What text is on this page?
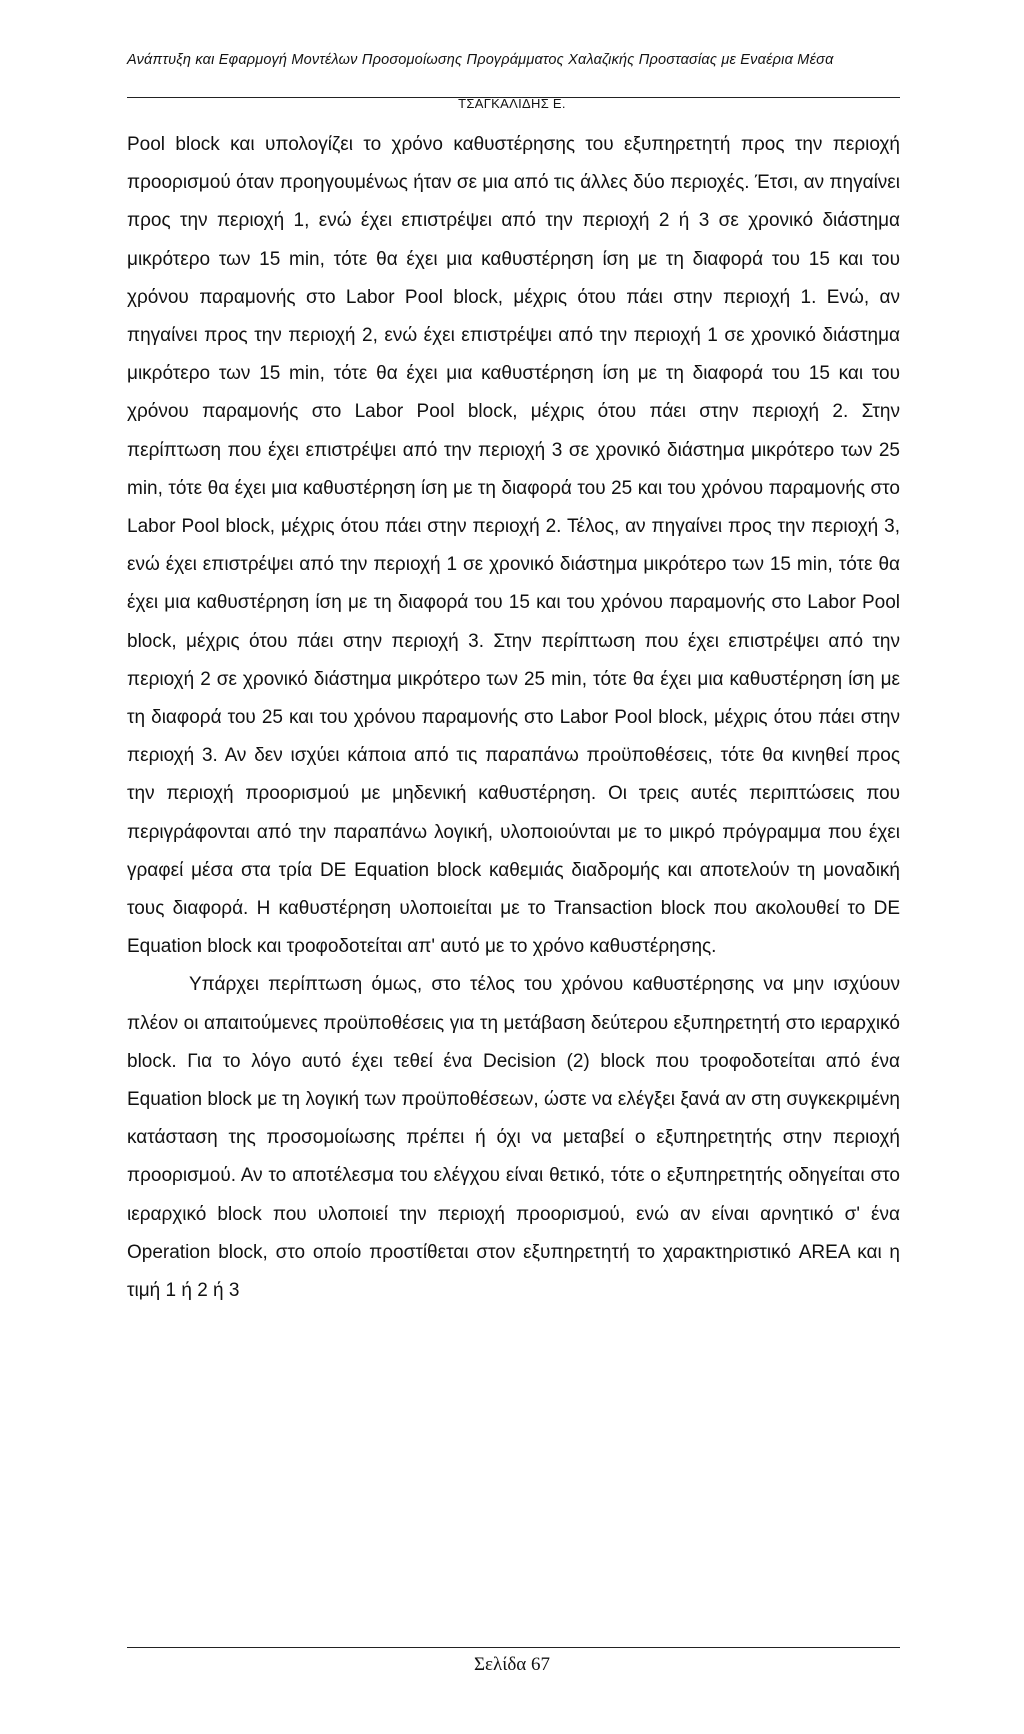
Ανάπτυξη και Εφαρμογή Μοντέλων Προσομοίωσης Προγράμματος Χαλαζικής Προστασίας με Εναέρια Μέσα
ΤΣΑΓΚΑΛΙΔΗΣ Ε.

Pool block και υπολογίζει το χρόνο καθυστέρησης του εξυπηρετητή προς την περιοχή προορισμού όταν προηγουμένως ήταν σε μια από τις άλλες δύο περιοχές. Έτσι, αν πηγαίνει προς την περιοχή 1, ενώ έχει επιστρέψει από την περιοχή 2 ή 3 σε χρονικό διάστημα μικρότερο των 15 min, τότε θα έχει μια καθυστέρηση ίση με τη διαφορά του 15 και του χρόνου παραμονής στο Labor Pool block, μέχρις ότου πάει στην περιοχή 1. Ενώ, αν πηγαίνει προς την περιοχή 2, ενώ έχει επιστρέψει από την περιοχή 1 σε χρονικό διάστημα μικρότερο των 15 min, τότε θα έχει μια καθυστέρηση ίση με τη διαφορά του 15 και του χρόνου παραμονής στο Labor Pool block, μέχρις ότου πάει στην περιοχή 2. Στην περίπτωση που έχει επιστρέψει από την περιοχή 3 σε χρονικό διάστημα μικρότερο των 25 min, τότε θα έχει μια καθυστέρηση ίση με τη διαφορά του 25 και του χρόνου παραμονής στο Labor Pool block, μέχρις ότου πάει στην περιοχή 2. Τέλος, αν πηγαίνει προς την περιοχή 3, ενώ έχει επιστρέψει από την περιοχή 1 σε χρονικό διάστημα μικρότερο των 15 min, τότε θα έχει μια καθυστέρηση ίση με τη διαφορά του 15 και του χρόνου παραμονής στο Labor Pool block, μέχρις ότου πάει στην περιοχή 3. Στην περίπτωση που έχει επιστρέψει από την περιοχή 2 σε χρονικό διάστημα μικρότερο των 25 min, τότε θα έχει μια καθυστέρηση ίση με τη διαφορά του 25 και του χρόνου παραμονής στο Labor Pool block, μέχρις ότου πάει στην περιοχή 3. Αν δεν ισχύει κάποια από τις παραπάνω προϋποθέσεις, τότε θα κινηθεί προς την περιοχή προορισμού με μηδενική καθυστέρηση. Οι τρεις αυτές περιπτώσεις που περιγράφονται από την παραπάνω λογική, υλοποιούνται με το μικρό πρόγραμμα που έχει γραφεί μέσα στα τρία DE Equation block καθεμιάς διαδρομής και αποτελούν τη μοναδική τους διαφορά. Η καθυστέρηση υλοποιείται με το Transaction block που ακολουθεί το DE Equation block και τροφοδοτείται απ' αυτό με το χρόνο καθυστέρησης.

Υπάρχει περίπτωση όμως, στο τέλος του χρόνου καθυστέρησης να μην ισχύουν πλέον οι απαιτούμενες προϋποθέσεις για τη μετάβαση δεύτερου εξυπηρετητή στο ιεραρχικό block. Για το λόγο αυτό έχει τεθεί ένα Decision (2) block που τροφοδοτείται από ένα Equation block με τη λογική των προϋποθέσεων, ώστε να ελέγξει ξανά αν στη συγκεκριμένη κατάσταση της προσομοίωσης πρέπει ή όχι να μεταβεί ο εξυπηρετητής στην περιοχή προορισμού. Αν το αποτέλεσμα του ελέγχου είναι θετικό, τότε ο εξυπηρετητής οδηγείται στο ιεραρχικό block που υλοποιεί την περιοχή προορισμού, ενώ αν είναι αρνητικό σ' ένα Operation block, στο οποίο προστίθεται στον εξυπηρετητή το χαρακτηριστικό AREA και η τιμή 1 ή 2 ή 3

Σελίδα 67
